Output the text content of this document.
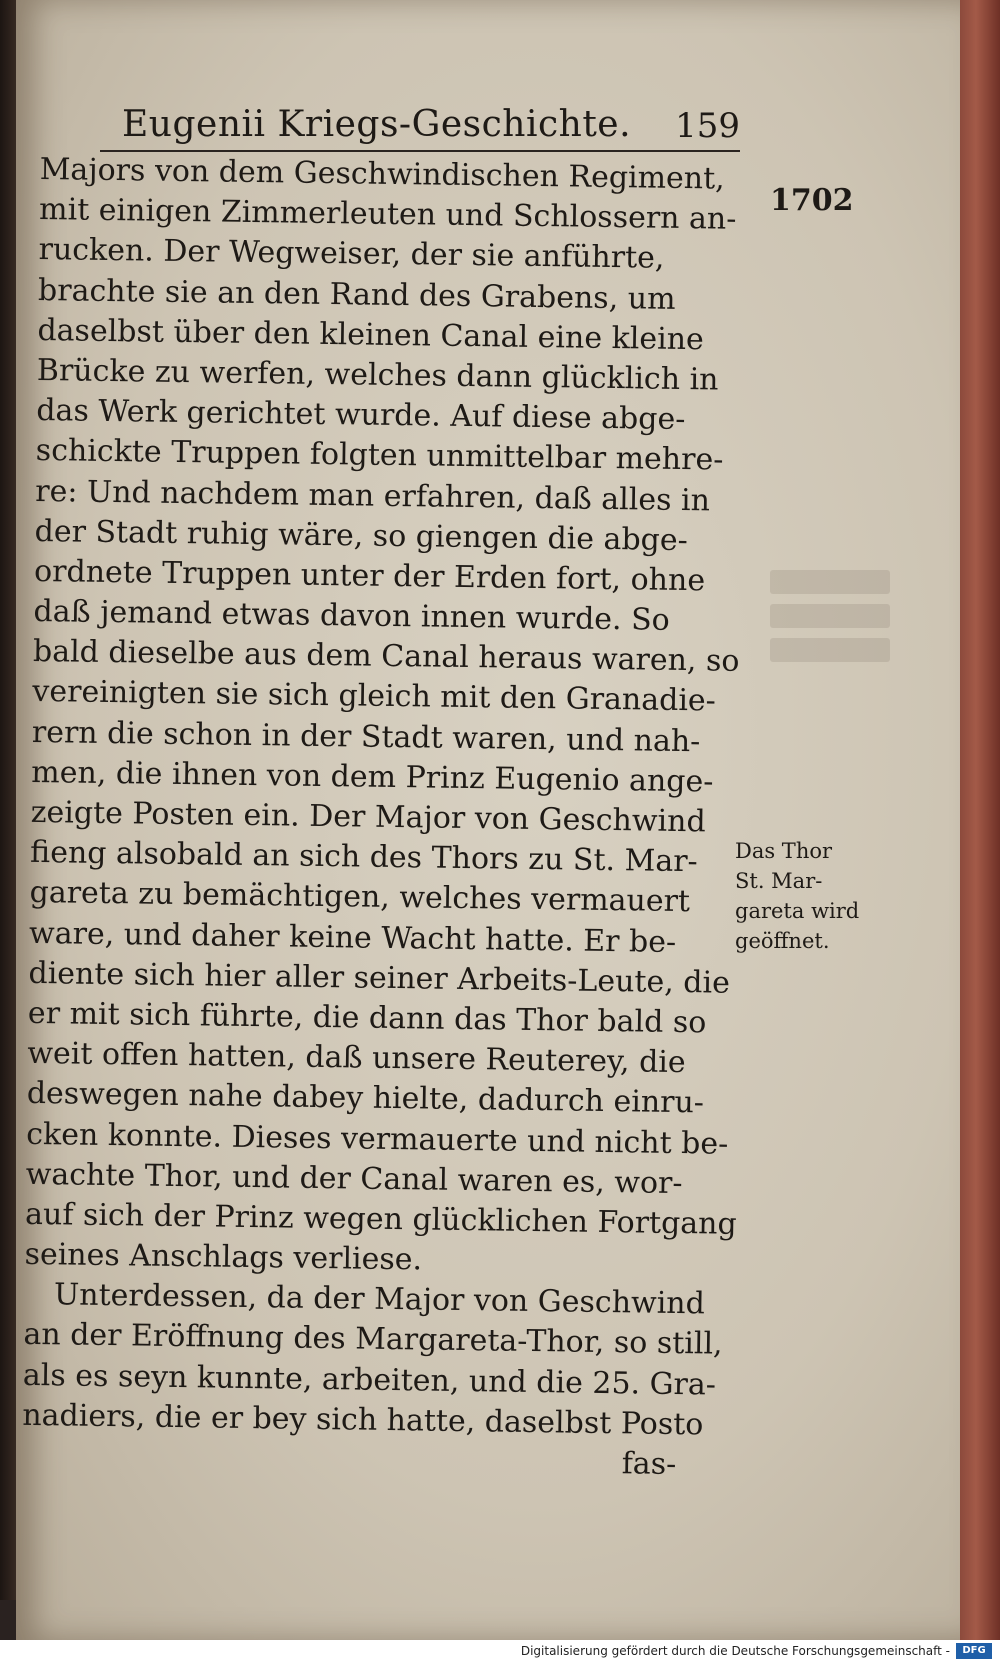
Eugenii Kriegs-Geschichte. 159
1702
Majors von dem Geschwindischen Regiment,
mit einigen Zimmerleuten und Schlossern an-
rucken. Der Wegweiser, der sie anführte,
brachte sie an den Rand des Grabens, um
daselbst über den kleinen Canal eine kleine
Brücke zu werfen, welches dann glücklich in
das Werk gerichtet wurde. Auf diese abge-
schickte Truppen folgten unmittelbar mehre-
re: Und nachdem man erfahren, daß alles in
der Stadt ruhig wäre, so giengen die abge-
ordnete Truppen unter der Erden fort, ohne
daß jemand etwas davon innen wurde. So
bald dieselbe aus dem Canal heraus waren, so
vereinigten sie sich gleich mit den Granadie-
rern die schon in der Stadt waren, und nah-
men, die ihnen von dem Prinz Eugenio ange-
zeigte Posten ein. Der Major von Geschwind
fieng alsobald an sich des Thors zu St. Mar-
gareta zu bemächtigen, welches vermauert
ware, und daher keine Wacht hatte. Er be-
diente sich hier aller seiner Arbeits-Leute, die
er mit sich führte, die dann das Thor bald so
weit offen hatten, daß unsere Reuterey, die
deswegen nahe dabey hielte, dadurch einru-
cken konnte. Dieses vermauerte und nicht be-
wachte Thor, und der Canal waren es, wor-
auf sich der Prinz wegen glücklichen Fortgang
seines Anschlags verliese.
Unterdessen, da der Major von Geschwind
an der Eröffnung des Margareta-Thor, so still,
als es seyn kunnte, arbeiten, und die 25. Gra-
nadiers, die er bey sich hatte, daselbst Posto
fas-
Das Thor
St. Mar-
gareta wird
geöffnet.
Digitalisierung gefördert durch die Deutsche Forschungsgemeinschaft -	DFG
